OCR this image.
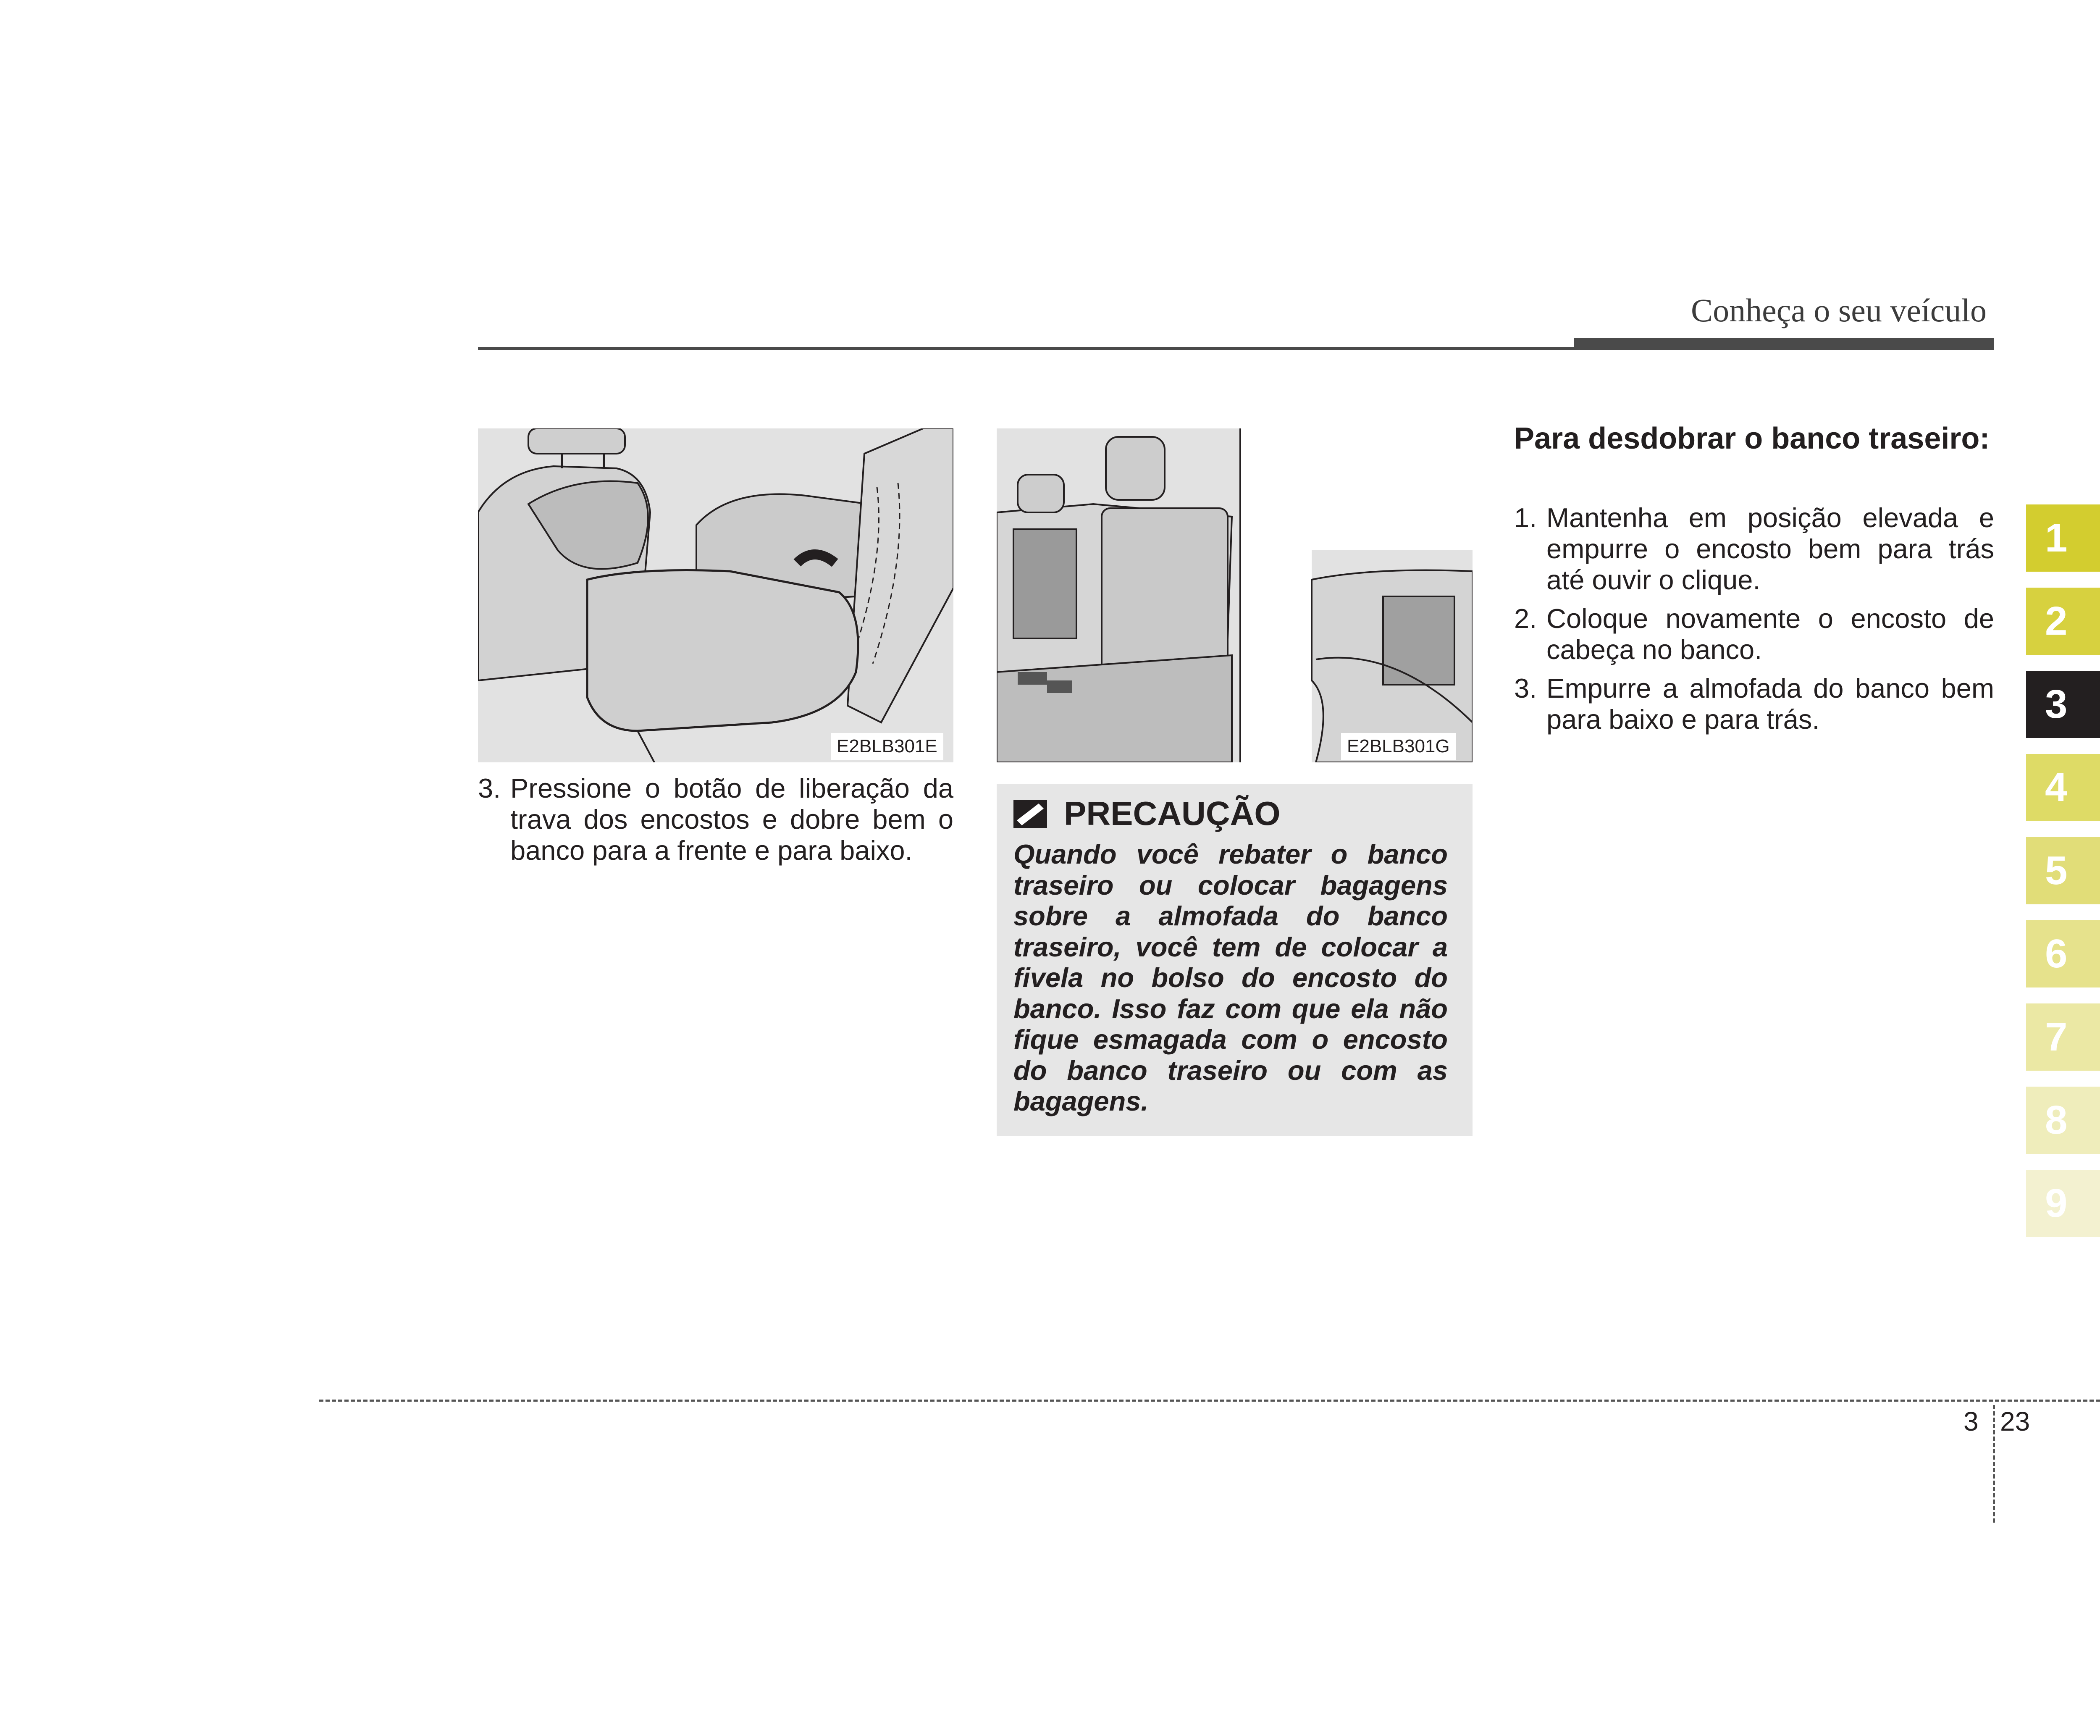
Conheça o seu veículo
E2BLB301E	E2BLB301G
3. Pressione o botão de liberação da trava dos encostos e dobre bem o banco para a frente e para baixo.
PRECAUÇÃO
Quando você rebater o banco traseiro ou colocar bagagens sobre a almofada do banco traseiro, você tem de colocar a fivela no bolso do encosto do banco. Isso faz com que ela não fique esmagada com o encosto do banco traseiro ou com as bagagens.
Para desdobrar o banco traseiro:
1. Mantenha em posição elevada e empurre o encosto bem para trás até ouvir o clique.
2. Coloque novamente o encosto de cabeça no banco.
3. Empurre a almofada do banco bem para baixo e para trás.
1
2
3
4
5
6
7
8
9
3 23
